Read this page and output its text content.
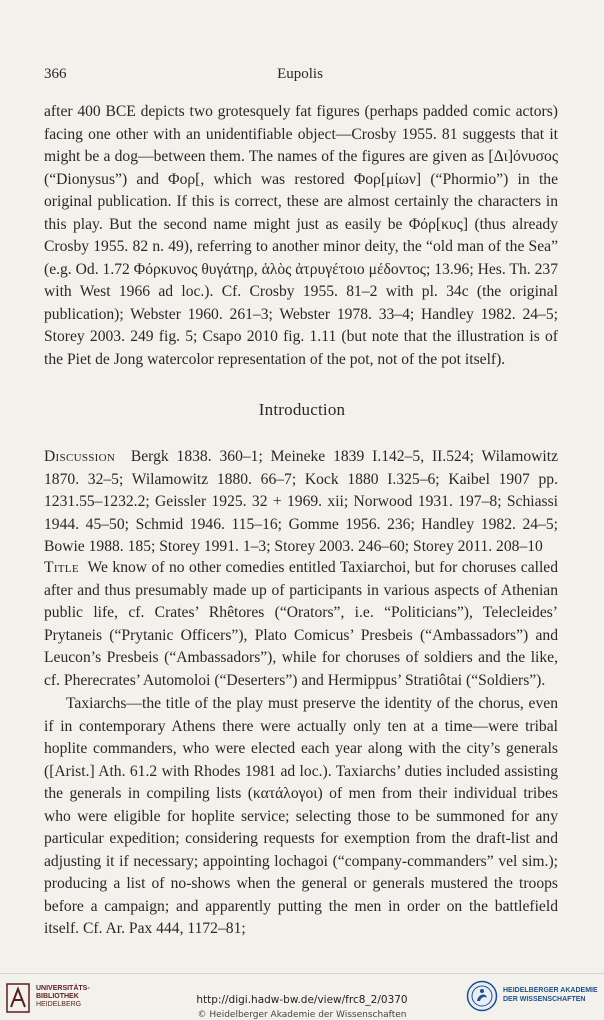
366	Eupolis

after 400 BCE depicts two grotesquely fat figures (perhaps padded comic actors) facing one other with an unidentifiable object—Crosby 1955. 81 suggests that it might be a dog—between them. The names of the figures are given as [Δι]όνυσος (“Dionysus”) and Φορ[, which was restored Φορ[μίων] (“Phormio”) in the original publication. If this is correct, these are almost certainly the characters in this play. But the second name might just as easily be Φόρ[κυς] (thus already Crosby 1955. 82 n. 49), referring to another minor deity, the “old man of the Sea” (e.g. Od. 1.72 Φόρκυνος θυγάτηρ, ἁλὸς ἀτρυγέτοιο μέδοντος; 13.96; Hes. Th. 237 with West 1966 ad loc.). Cf. Crosby 1955. 81–2 with pl. 34c (the original publication); Webster 1960. 261–3; Webster 1978. 33–4; Handley 1982. 24–5; Storey 2003. 249 fig. 5; Csapo 2010 fig. 1.11 (but note that the illustration is of the Piet de Jong watercolor representation of the pot, not of the pot itself).

Introduction

Discussion Bergk 1838. 360–1; Meineke 1839 I.142–5, II.524; Wilamowitz 1870. 32–5; Wilamowitz 1880. 66–7; Kock 1880 I.325–6; Kaibel 1907 pp. 1231.55–1232.2; Geissler 1925. 32 + 1969. xii; Norwood 1931. 197–8; Schiassi 1944. 45–50; Schmid 1946. 115–16; Gomme 1956. 236; Handley 1982. 24–5; Bowie 1988. 185; Storey 1991. 1–3; Storey 2003. 246–60; Storey 2011. 208–10

Title We know of no other comedies entitled Taxiarchoi, but for choruses called after and thus presumably made up of participants in various aspects of Athenian public life, cf. Crates’ Rhêtores (“Orators”, i.e. “Politicians”), Telecleides’ Prytaneis (“Prytanic Officers”), Plato Comicus’ Presbeis (“Ambassadors”) and Leucon’s Presbeis (“Ambassadors”), while for choruses of soldiers and the like, cf. Pherecrates’ Automoloi (“Deserters”) and Hermippus’ Stratiôtai (“Soldiers”).

Taxiarchs—the title of the play must preserve the identity of the chorus, even if in contemporary Athens there were actually only ten at a time—were tribal hoplite commanders, who were elected each year along with the city’s generals ([Arist.] Ath. 61.2 with Rhodes 1981 ad loc.). Taxiarchs’ duties included assisting the generals in compiling lists (κατάλογοι) of men from their individual tribes who were eligible for hoplite service; selecting those to be summoned for any particular expedition; considering requests for exemption from the draft-list and adjusting it if necessary; appointing lochagoi (“company-commanders” vel sim.); producing a list of no-shows when the general or generals mustered the troops before a campaign; and apparently putting the men in order on the battlefield itself. Cf. Ar. Pax 444, 1172–81;

UNIVERSITÄTS-
BIBLIOTHEK
HEIDELBERG	http://digi.hadw-bw.de/view/frc8_2/0370
© Heidelberger Akademie der Wissenschaften
HEIDELBERGER AKADEMIE
DER WISSENSCHAFTEN
